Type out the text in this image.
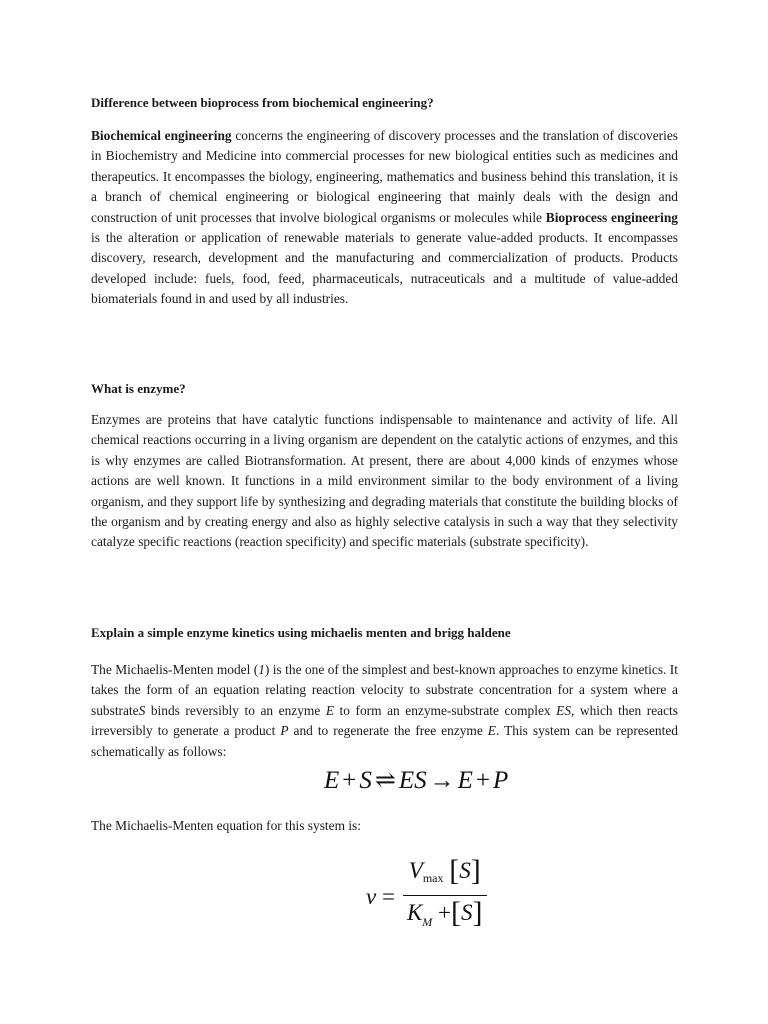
Difference between bioprocess from biochemical engineering?

Biochemical engineering concerns the engineering of discovery processes and the translation of discoveries in Biochemistry and Medicine into commercial processes for new biological entities such as medicines and therapeutics. It encompasses the biology, engineering, mathematics and business behind this translation, it is a branch of chemical engineering or biological engineering that mainly deals with the design and construction of unit processes that involve biological organisms or molecules while Bioprocess engineering is the alteration or application of renewable materials to generate value-added products. It encompasses discovery, research, development and the manufacturing and commercialization of products. Products developed include: fuels, food, feed, pharmaceuticals, nutraceuticals and a multitude of value-added biomaterials found in and used by all industries.

What is enzyme?

Enzymes are proteins that have catalytic functions indispensable to maintenance and activity of life. All chemical reactions occurring in a living organism are dependent on the catalytic actions of enzymes, and this is why enzymes are called Biotransformation. At present, there are about 4,000 kinds of enzymes whose actions are well known. It functions in a mild environment similar to the body environment of a living organism, and they support life by synthesizing and degrading materials that constitute the building blocks of the organism and by creating energy and also as highly selective catalysis in such a way that they selectivity catalyze specific reactions (reaction specificity) and specific materials (substrate specificity).

Explain a simple enzyme kinetics using michaelis menten and brigg haldene

The Michaelis-Menten model (1) is the one of the simplest and best-known approaches to enzyme kinetics. It takes the form of an equation relating reaction velocity to substrate concentration for a system where a substrateS binds reversibly to an enzyme E to form an enzyme-substrate complex ES, which then reacts irreversibly to generate a product P and to regenerate the free enzyme E. This system can be represented schematically as follows:

E + S ⇌ ES → E + P

The Michaelis-Menten equation for this system is:

$v = \frac{V_{max} [S]}{K_M +[S]}$
